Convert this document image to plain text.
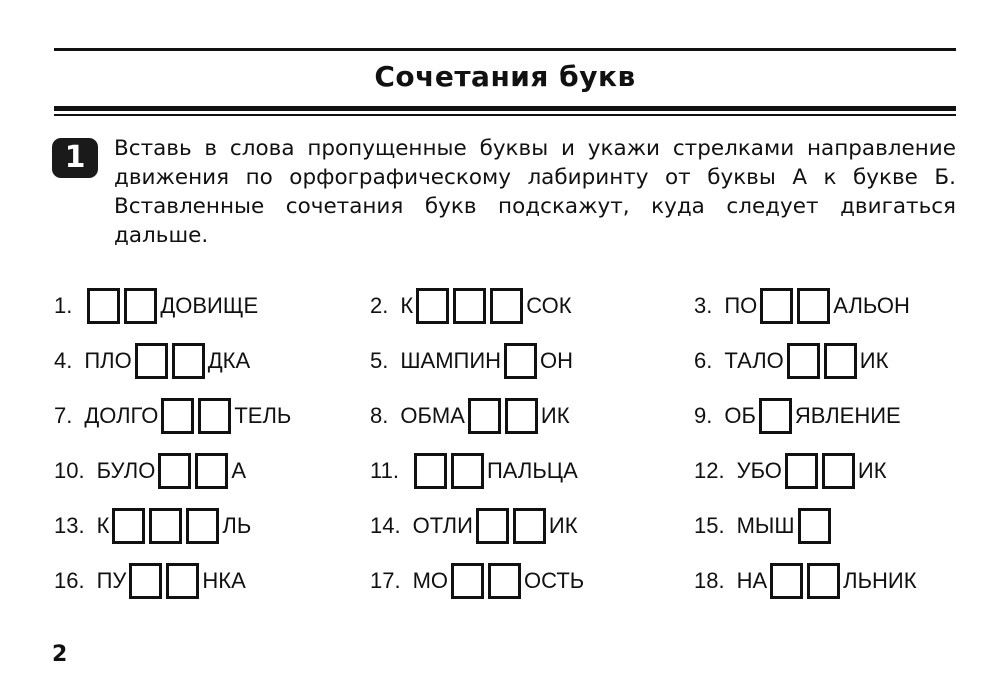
Сочетания букв
1	Вставь в слова пропущенные буквы и укажи стрелками направление движения по орфографическому лабиринту от буквы А к букве Б. Вставленные сочетания букв подскажут, куда следует двигаться дальше.
1.	ДОВИЩЕ	2. К	СОК	3. ПО	АЛЬОН
4. ПЛО	ДКА	5. ШАМПИН ОН	6. ТАЛО	ИК
7. ДОЛГО	ТЕЛЬ	8. ОБМА	ИК	9. ОБ ЯВЛЕНИЕ
10. БУЛО	А	11.	ПАЛЬЦА	12. УБО	ИК
13. К	ЛЬ	14. ОТЛИ	ИК	15. МЫШ
16. ПУ	НКА	17. МО	ОСТЬ	18. НА	ЛЬНИК
2
